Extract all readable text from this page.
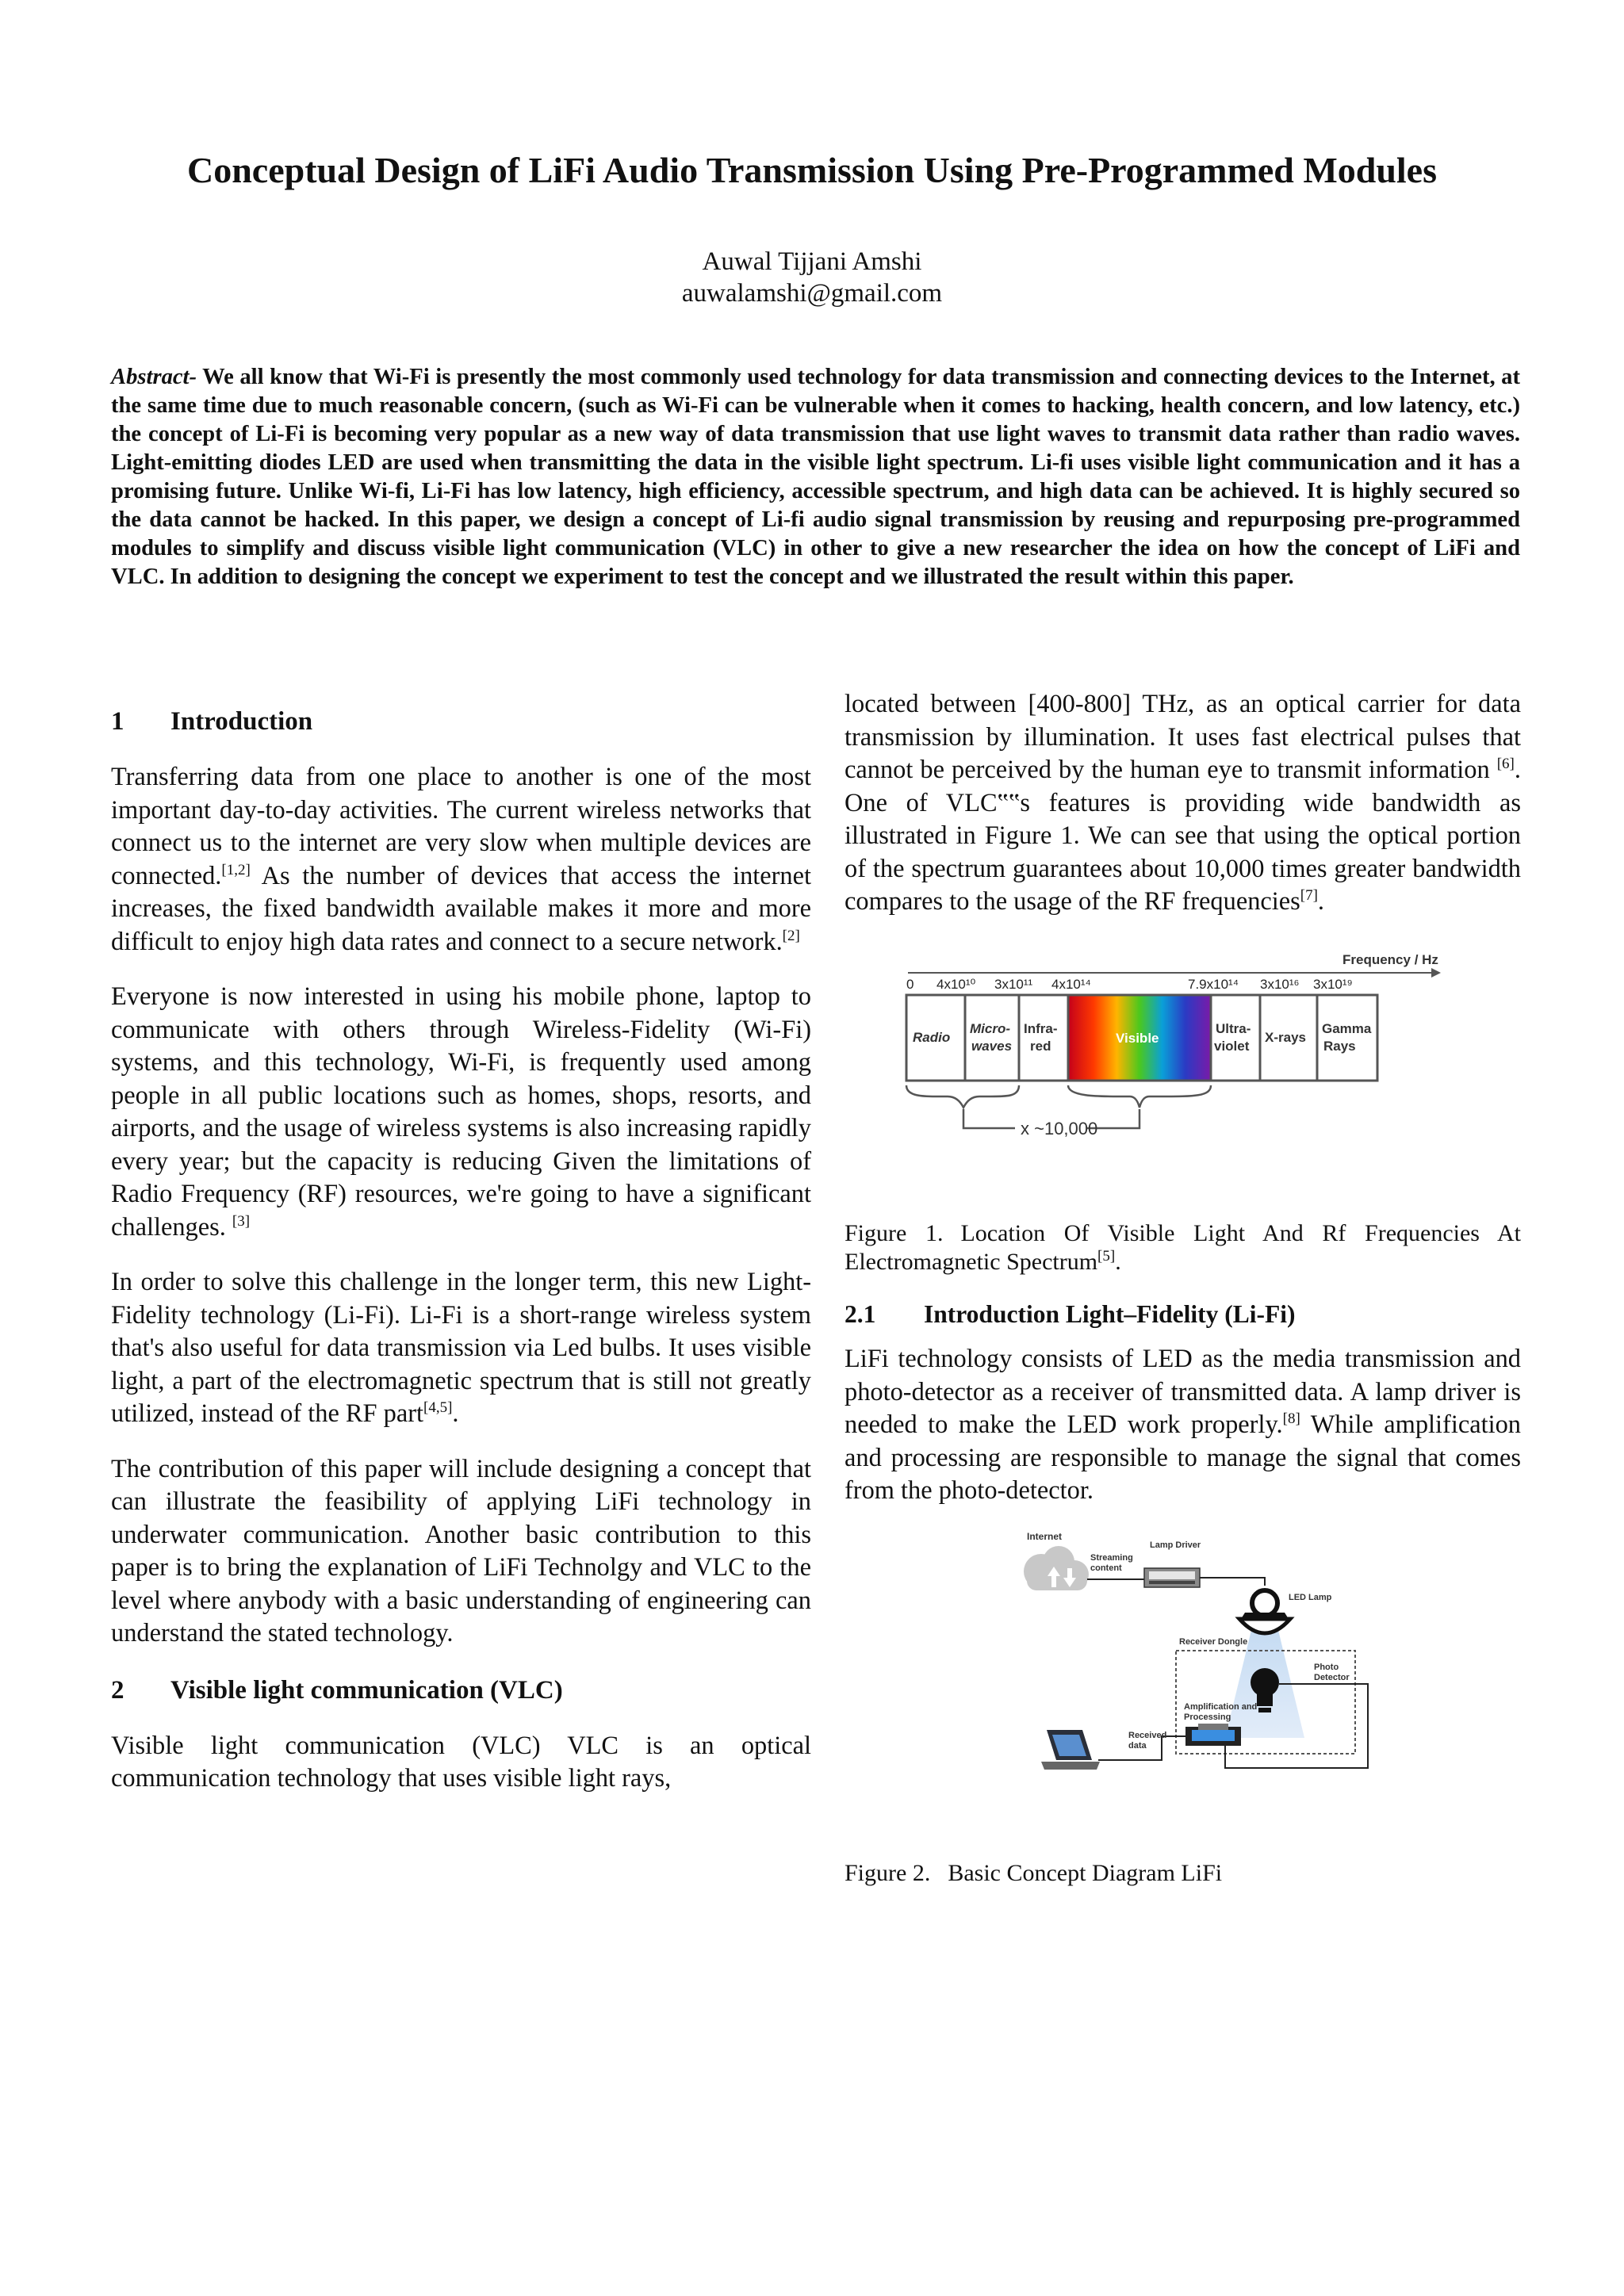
Conceptual Design of LiFi Audio Transmission Using Pre-Programmed Modules
Auwal Tijjani Amshi
auwalamshi@gmail.com

Abstract- We all know that Wi-Fi is presently the most commonly used technology for data transmission and connecting devices to the Internet, at the same time due to much reasonable concern, (such as Wi-Fi can be vulnerable when it comes to hacking, health concern, and low latency, etc.) the concept of Li-Fi is becoming very popular as a new way of data transmission that use light waves to transmit data rather than radio waves. Light-emitting diodes LED are used when transmitting the data in the visible light spectrum. Li-fi uses visible light communication and it has a promising future. Unlike Wi-fi, Li-Fi has low latency, high efficiency, accessible spectrum, and high data can be achieved. It is highly secured so the data cannot be hacked. In this paper, we design a concept of Li-fi audio signal transmission by reusing and repurposing pre-programmed modules to simplify and discuss visible light communication (VLC) in other to give a new researcher the idea on how the concept of LiFi and VLC. In addition to designing the concept we experiment to test the concept and we illustrated the result within this paper.

1 Introduction

Transferring data from one place to another is one of the most important day-to-day activities. The current wireless networks that connect us to the internet are very slow when multiple devices are connected.[1,2] As the number of devices that access the internet increases, the fixed bandwidth available makes it more and more difficult to enjoy high data rates and connect to a secure network.[2]

Everyone is now interested in using his mobile phone, laptop to communicate with others through Wireless-Fidelity (Wi-Fi) systems, and this technology, Wi-Fi, is frequently used among people in all public locations such as homes, shops, resorts, and airports, and the usage of wireless systems is also increasing rapidly every year; but the capacity is reducing Given the limitations of Radio Frequency (RF) resources, we're going to have a significant challenges. [3]

In order to solve this challenge in the longer term, this new Light-Fidelity technology (Li-Fi). Li-Fi is a short-range wireless system that's also useful for data transmission via Led bulbs. It uses visible light, a part of the electromagnetic spectrum that is still not greatly utilized, instead of the RF part[4,5].

The contribution of this paper will include designing a concept that can illustrate the feasibility of applying LiFi technology in underwater communication. Another basic contribution to this paper is to bring the explanation of LiFi Technolgy and VLC to the level where anybody with a basic understanding of engineering can understand the stated technology.

2 Visible light communication (VLC)

Visible light communication (VLC) VLC is an optical communication technology that uses visible light rays,

located between [400-800] THz, as an optical carrier for data transmission by illumination. It uses fast electrical pulses that cannot be perceived by the human eye to transmit information [6]. One of VLC‟‟s features is providing wide bandwidth as illustrated in Figure 1. We can see that using the optical portion of the spectrum guarantees about 10,000 times greater bandwidth compares to the usage of the RF frequencies[7].

Frequency / Hz
0 4x10¹⁰ 3x10¹¹ 4x10¹⁴	7.9x10¹⁴ 3x10¹⁶ 3x10¹⁹
Radio
Micro-
waves
Infra-
red
Visible
Ultra-
violet
X-rays
Gamma
Rays
x ~10,000

Figure 1. Location Of Visible Light And Rf Frequencies At Electromagnetic Spectrum[5].

2.1 Introduction Light–Fidelity (Li-Fi)

LiFi technology consists of LED as the media transmission and photo-detector as a receiver of transmitted data. A lamp driver is needed to make the LED work properly.[8] While amplification and processing are responsible to manage the signal that comes from the photo-detector.

Internet
Streaming
content
Lamp Driver
LED Lamp
Receiver Dongle
Photo
Detector
Amplification and
Processing
Received
data

Figure 2. Basic Concept Diagram LiFi
